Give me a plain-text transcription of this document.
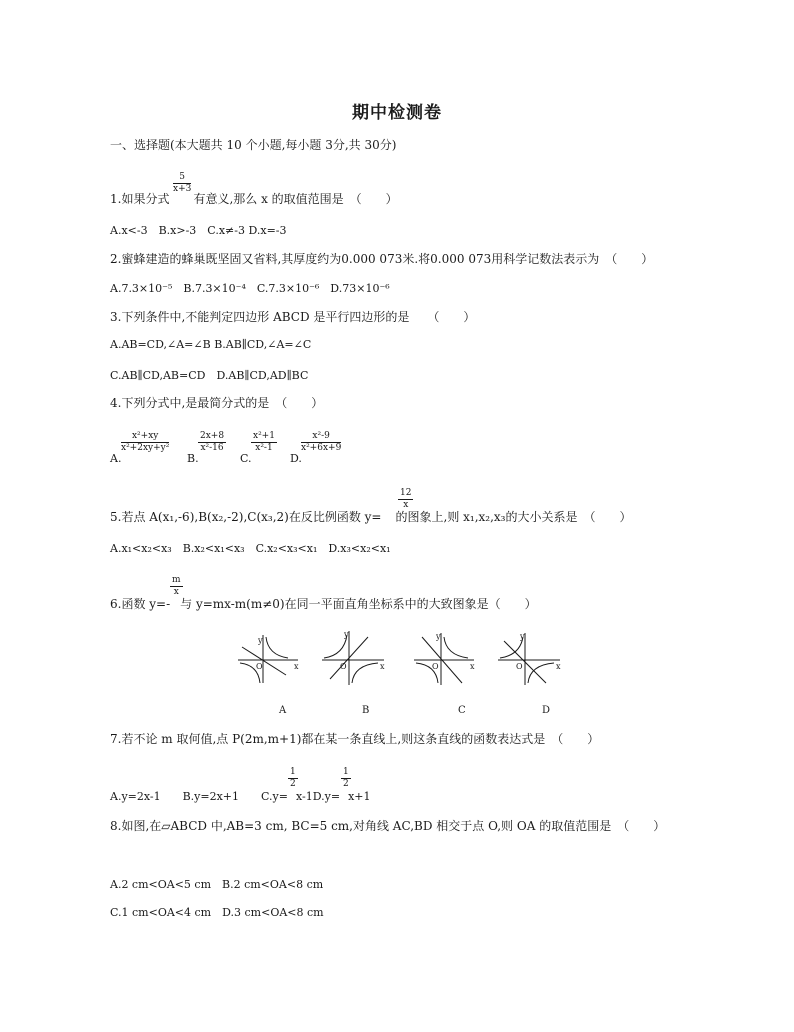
期中检测卷
一、选择题(本大题共 10 个小题,每小题 3分,共 30分)
$\frac{5}{x+3}$
1.如果分式 有意义,那么 x 的取值范围是　（　　）
A.x<-3　B.x>-3　C.x≠-3 D.x=-3
2.蜜蜂建造的蜂巢既坚固又省料,其厚度约为0.000 073米.将0.000 073用科学记数法表示为　（　　）
A.7.3×10⁻⁵　B.7.3×10⁻⁴　C.7.3×10⁻⁶　D.73×10⁻⁶
3.下列条件中,不能判定四边形 ABCD 是平行四边形的是　　（　　）
A.AB=CD,∠A=∠B B.AB∥CD,∠A=∠C
C.AB∥CD,AB=CD　D.AB∥CD,AD∥BC
4.下列分式中,是最简分式的是　（　　）
A.
$\frac{\text{x²+xy}}{\text{x²+2xy+y²}}$
B.
$\frac{2x+8}{\text{x²-16}}$
C.
$\frac{\text{x²+1}}{\text{x²-1}}$
D.
$\frac{\text{x²-9}}{\text{x²+6x+9}}$
$\frac{12}{x}$
5.若点 A(x₁,-6),B(x₂,-2),C(x₃,2)在反比例函数 y= 的图象上,则 x₁,x₂,x₃的大小关系是　（　　）
A.x₁<x₂<x₃　B.x₂<x₁<x₃　C.x₂<x₃<x₁　D.x₃<x₂<x₁
$\frac{m}{x}$
6.函数 y=- 与 y=mx-m(m≠0)在同一平面直角坐标系中的大致图象是（　　）
y
x
O
y
x
O
y
x
O
y
x
O
A	B	C	D
7.若不论 m 取何值,点 P(2m,m+1)都在某一条直线上,则这条直线的函数表达式是　（　　）
$\frac{1}{2}$	$\frac{1}{2}$
A.y=2x-1　　B.y=2x+1　　C.y= x-1D.y= x+1
8.如图,在▱ABCD 中,AB=3 cm, BC=5 cm,对角线 AC,BD 相交于点 O,则 OA 的取值范围是　（　　）
A.2 cm<OA<5 cm　B.2 cm<OA<8 cm
C.1 cm<OA<4 cm　D.3 cm<OA<8 cm
